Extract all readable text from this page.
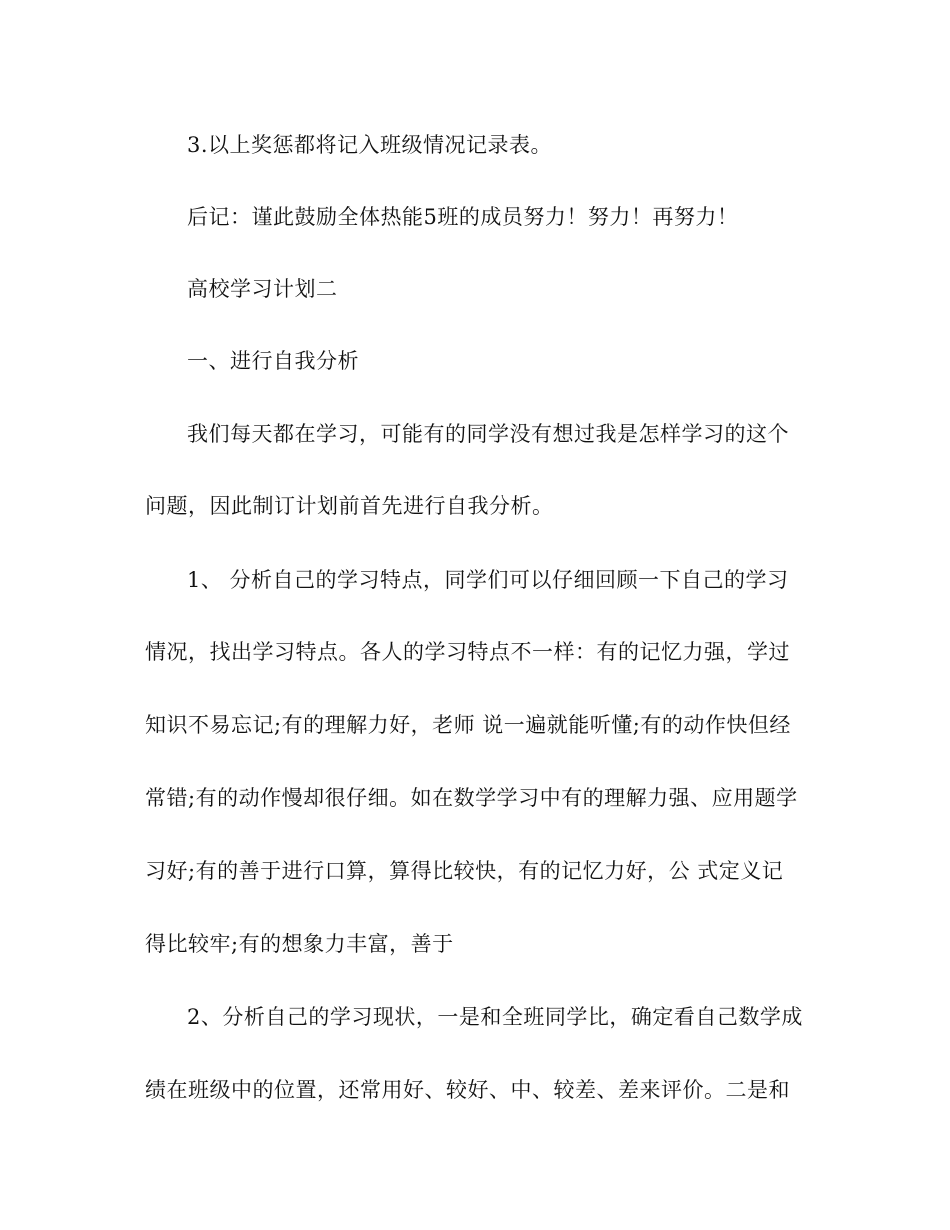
3.以上奖惩都将记入班级情况记录表。
后记：谨此鼓励全体热能5班的成员努力！努力！再努力！
高校学习计划二
一、进行自我分析
我们每天都在学习，可能有的同学没有想过我是怎样学习的这个
问题，因此制订计划前首先进行自我分析。
1、 分析自己的学习特点，同学们可以仔细回顾一下自己的学习
情况，找出学习特点。各人的学习特点不一样：有的记忆力强，学过
知识不易忘记;有的理解力好，老师 说一遍就能听懂;有的动作快但经
常错;有的动作慢却很仔细。如在数学学习中有的理解力强、应用题学
习好;有的善于进行口算，算得比较快，有的记忆力好，公 式定义记
得比较牢;有的想象力丰富，善于
2、分析自己的学习现状，一是和全班同学比，确定看自己数学成
绩在班级中的位置，还常用好、较好、中、较差、差来评价。二是和
